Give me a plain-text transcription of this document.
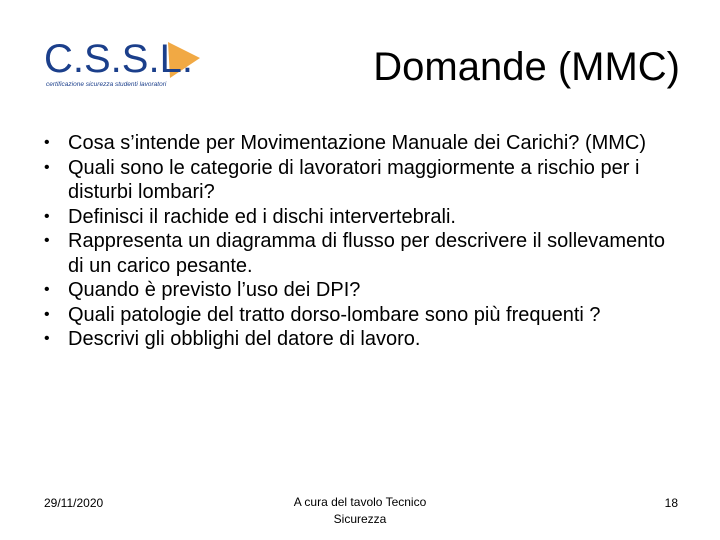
C.S.S.L.
certificazione sicurezza studenti lavoratori	Domande (MMC)
• Cosa s’intende per Movimentazione Manuale dei Carichi? (MMC)
• Quali sono le categorie di lavoratori maggiormente a rischio per i disturbi lombari?
• Definisci il rachide ed i dischi intervertebrali.
• Rappresenta un diagramma di flusso per descrivere il sollevamento di un carico pesante.
• Quando è previsto l’uso dei DPI?
• Quali patologie del tratto dorso-lombare sono più frequenti ?
• Descrivi gli obblighi del datore di lavoro.
29/11/2020	A cura del tavolo Tecnico
Sicurezza
18
